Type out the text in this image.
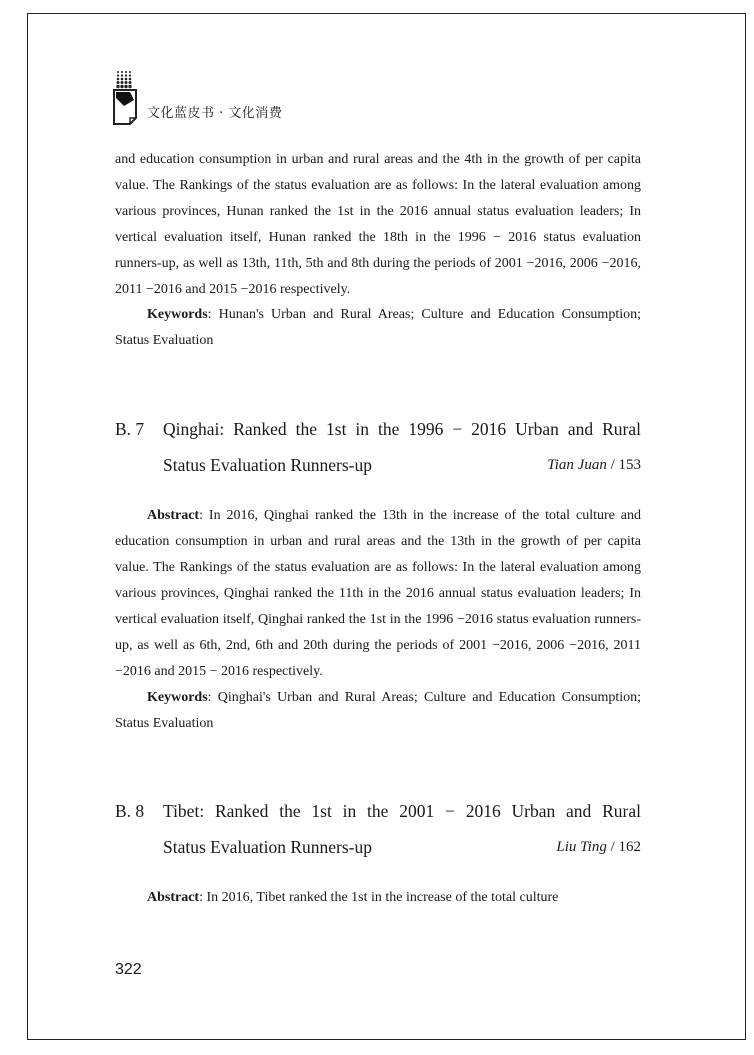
文化蓝皮书 · 文化消费

and education consumption in urban and rural areas and the 4th in the growth of per capita value. The Rankings of the status evaluation are as follows: In the lateral evaluation among various provinces, Hunan ranked the 1st in the 2016 annual status evaluation leaders; In vertical evaluation itself, Hunan ranked the 18th in the 1996 − 2016 status evaluation runners-up, as well as 13th, 11th, 5th and 8th during the periods of 2001 −2016, 2006 −2016, 2011 −2016 and 2015 −2016 respectively.

Keywords: Hunan's Urban and Rural Areas; Culture and Education Consumption; Status Evaluation

B. 7	Qinghai: Ranked the 1st in the 1996 − 2016 Urban and Rural
Status Evaluation Runners-up	Tian Juan / 153

Abstract: In 2016, Qinghai ranked the 13th in the increase of the total culture and education consumption in urban and rural areas and the 13th in the growth of per capita value. The Rankings of the status evaluation are as follows: In the lateral evaluation among various provinces, Qinghai ranked the 11th in the 2016 annual status evaluation leaders; In vertical evaluation itself, Qinghai ranked the 1st in the 1996 −2016 status evaluation runners-up, as well as 6th, 2nd, 6th and 20th during the periods of 2001 −2016, 2006 −2016, 2011 −2016 and 2015 − 2016 respectively.

Keywords: Qinghai's Urban and Rural Areas; Culture and Education Consumption; Status Evaluation

B. 8	Tibet: Ranked the 1st in the 2001 − 2016 Urban and Rural
Status Evaluation Runners-up	Liu Ting / 162

Abstract: In 2016, Tibet ranked the 1st in the increase of the total culture

322
